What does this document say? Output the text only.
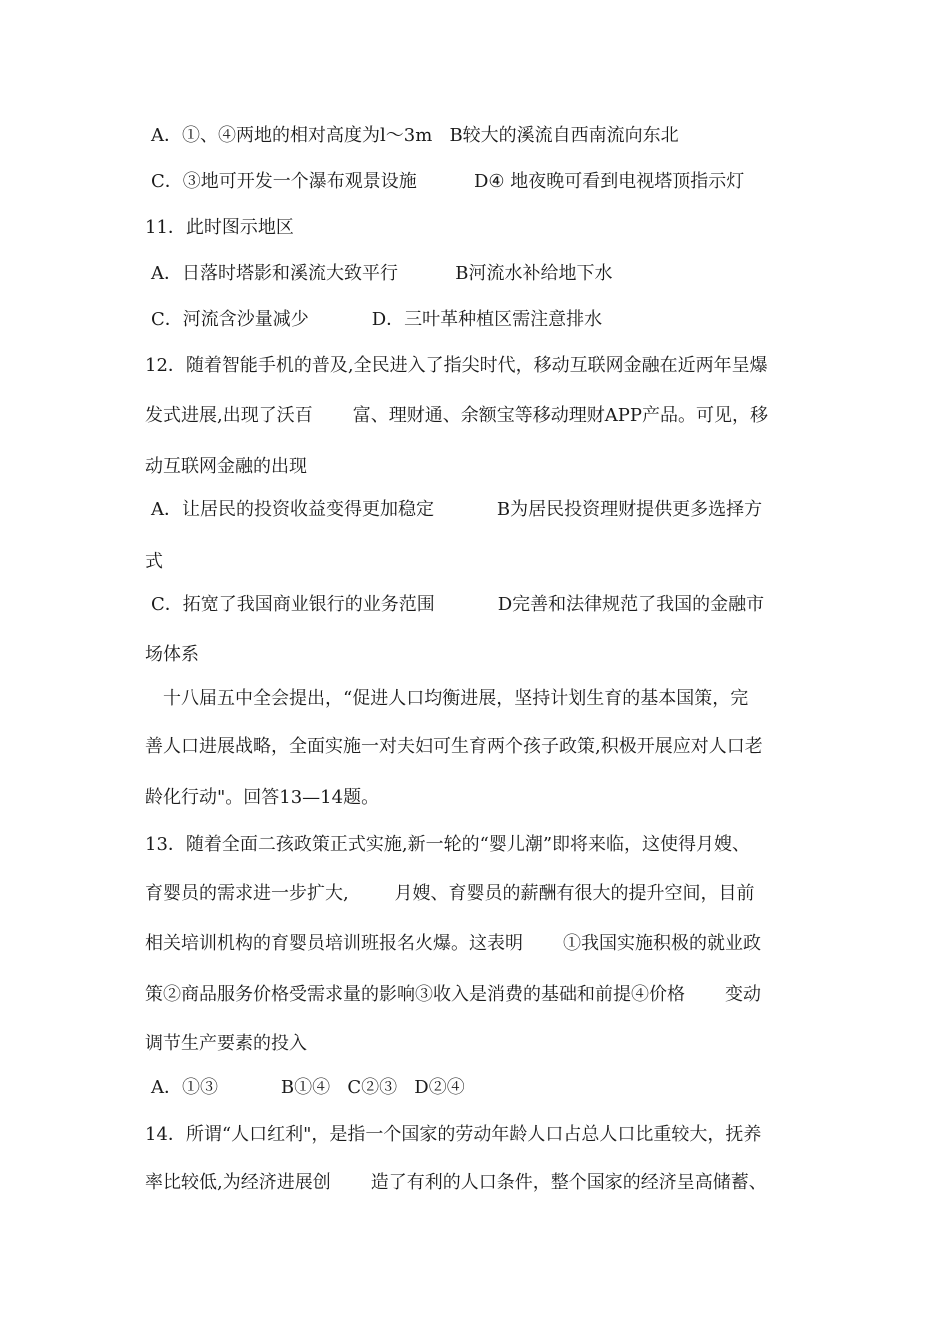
A．①、④两地的相对高度为l～3m   B较大的溪流自西南流向东北
C．③地可开发一个瀑布观景设施          D④ 地夜晚可看到电视塔顶指示灯
11．此时图示地区
A．日落时塔影和溪流大致平行          B河流水补给地下水
C．河流含沙量减少           D．三叶革种植区需注意排水
12．随着智能手机的普及,全民进入了指尖时代，移动互联网金融在近两年呈爆
发式进展,出现了沃百       富、理财通、余额宝等移动理财APP产品。可见，移
动互联网金融的出现
A．让居民的投资收益变得更加稳定           B为居民投资理财提供更多选择方
式
C．拓宽了我国商业银行的业务范围           D完善和法律规范了我国的金融市
场体系
十八届五中全会提出，“促进人口均衡进展，坚持计划生育的基本国策，完
善人口进展战略，全面实施一对夫妇可生育两个孩子政策,积极开展应对人口老
龄化行动"。回答13—14题。
13．随着全面二孩政策正式实施,新一轮的“婴儿潮”即将来临，这使得月嫂、
育婴员的需求进一步扩大,        月嫂、育婴员的薪酬有很大的提升空间，目前
相关培训机构的育婴员培训班报名火爆。这表明       ①我国实施积极的就业政
策②商品服务价格受需求量的影响③收入是消费的基础和前提④价格       变动
调节生产要素的投入
A．①③           B①④   C②③   D②④
14．所谓“人口红利"，是指一个国家的劳动年龄人口占总人口比重较大，抚养
率比较低,为经济进展创       造了有利的人口条件，整个国家的经济呈高储蓄、
